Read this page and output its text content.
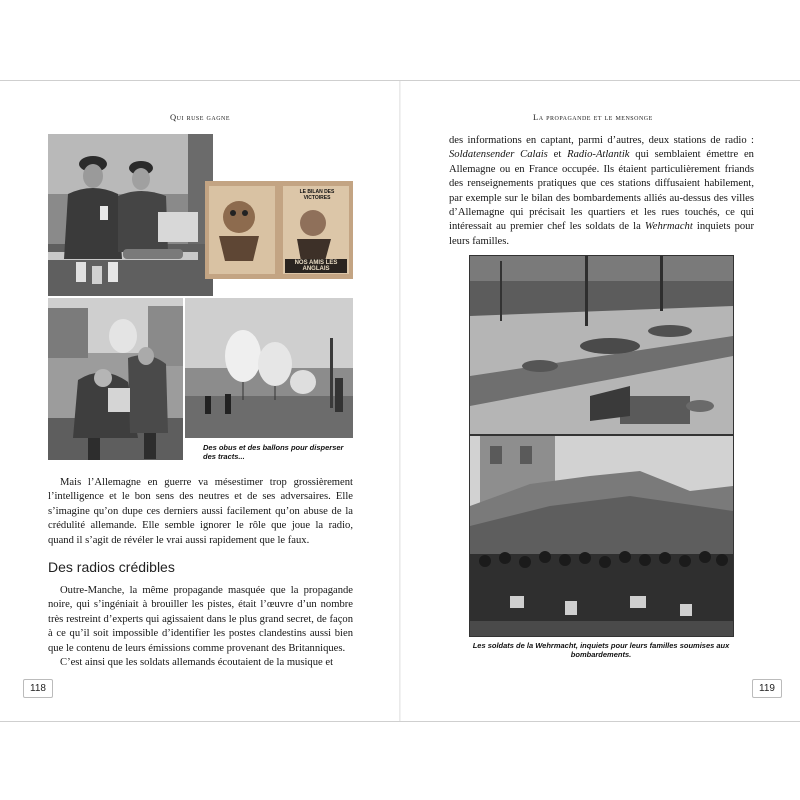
Qui ruse gagne
LE BILAN DES VICTOIRES
NOS AMIS LES ANGLAIS
Des obus et des ballons pour disperser des tracts...

Mais l’Allemagne en guerre va mésestimer trop grossièrement l’intelligence et le bon sens des neutres et de ses adversaires. Elle s’imagine qu’on dupe ces derniers aussi facilement qu’on abuse de la crédulité allemande. Elle semble ignorer le rôle que joue la radio, quand il s’agit de révéler le vrai aussi rapidement que le faux.

Des radios crédibles

Outre-Manche, la même propagande masquée que la propagande noire, qui s’ingéniait à brouiller les pistes, était l’œuvre d’un nombre très restreint d’experts qui agissaient dans le plus grand secret, de façon à ce qu’il soit impossible d’identifier les postes clandestins aussi bien que le contenu de leurs émissions comme provenant des Britanniques.

C’est ainsi que les soldats allemands écoutaient de la musique et

118
La propagande et le mensonge

des informations en captant, parmi d’autres, deux stations de radio : Soldatensender Calais et Radio-Atlantik qui semblaient émettre en Allemagne ou en France occupée. Ils étaient particulièrement friands des renseignements pratiques que ces stations diffusaient habilement, par exemple sur le bilan des bombardements alliés au-dessus des villes d’Allemagne qui précisait les quartiers et les rues touchés, ce qui intéressait au premier chef les soldats de la Wehrmacht inquiets pour leurs familles.

Les soldats de la Wehrmacht, inquiets pour leurs familles soumises aux bombardements.
119
